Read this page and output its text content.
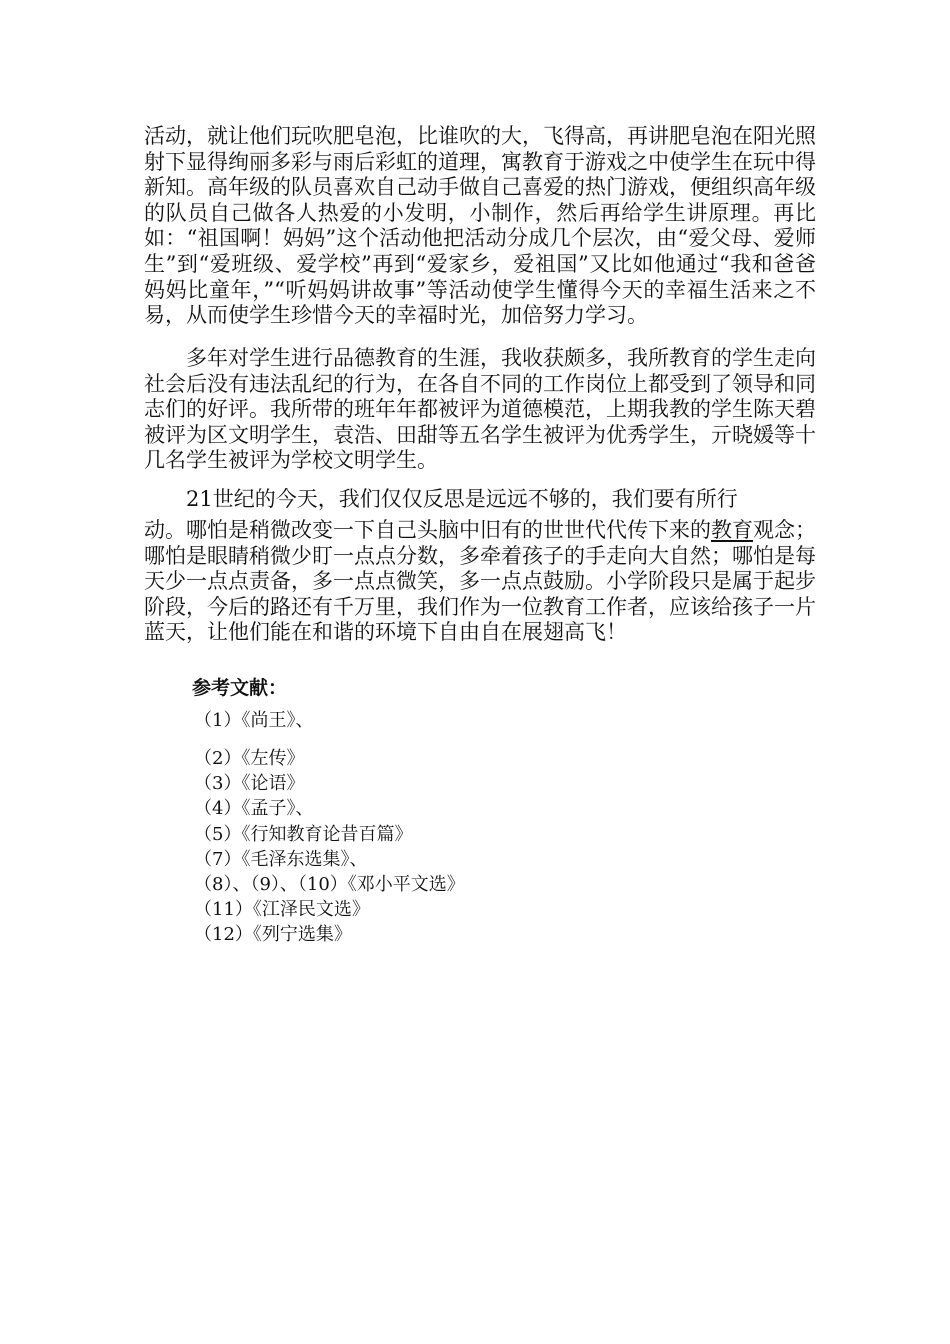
活动，就让他们玩吹肥皂泡，比谁吹的大，飞得高，再讲肥皂泡在阳光照射下显得绚丽多彩与雨后彩虹的道理，寓教育于游戏之中使学生在玩中得新知。高年级的队员喜欢自己动手做自己喜爱的热门游戏，便组织高年级的队员自己做各人热爱的小发明，小制作，然后再给学生讲原理。再比如：“祖国啊！妈妈”这个活动他把活动分成几个层次，由“爱父母、爱师生”到“爱班级、爱学校”再到“爱家乡，爱祖国”又比如他通过“我和爸爸妈妈比童年，”“听妈妈讲故事”等活动使学生懂得今天的幸福生活来之不易，从而使学生珍惜今天的幸福时光，加倍努力学习。
多年对学生进行品德教育的生涯，我收获颇多，我所教育的学生走向社会后没有违法乱纪的行为，在各自不同的工作岗位上都受到了领导和同志们的好评。我所带的班年年都被评为道德模范，上期我教的学生陈天碧 被评为区文明学生，袁浩、田甜等五名学生被评为优秀学生，亓晓媛等十几名学生被评为学校文明学生。
21世纪的今天，我们仅仅反思是远远不够的，我们要有所行
动。哪怕是稍微改变一下自己头脑中旧有的世世代代传下来的教育观念；哪怕是眼睛稍微少盯一点点分数，多牵着孩子的手走向大自然；哪怕是每天少一点点责备，多一点点微笑，多一点点鼓励。小学阶段只是属于起步阶段，今后的路还有千万里，我们作为一位教育工作者，应该给孩子一片蓝天，让他们能在和谐的环境下自由自在展翅高飞！
参考文献：
（1）《尚王》、
（2）《左传》
（3）《论语》
（4）《孟子》、
（5）《行知教育论昔百篇》
（7）《毛泽东选集》、
（8）、（9）、（10）《邓小平文选》
（11）《江泽民文选》
（12）《列宁选集》
